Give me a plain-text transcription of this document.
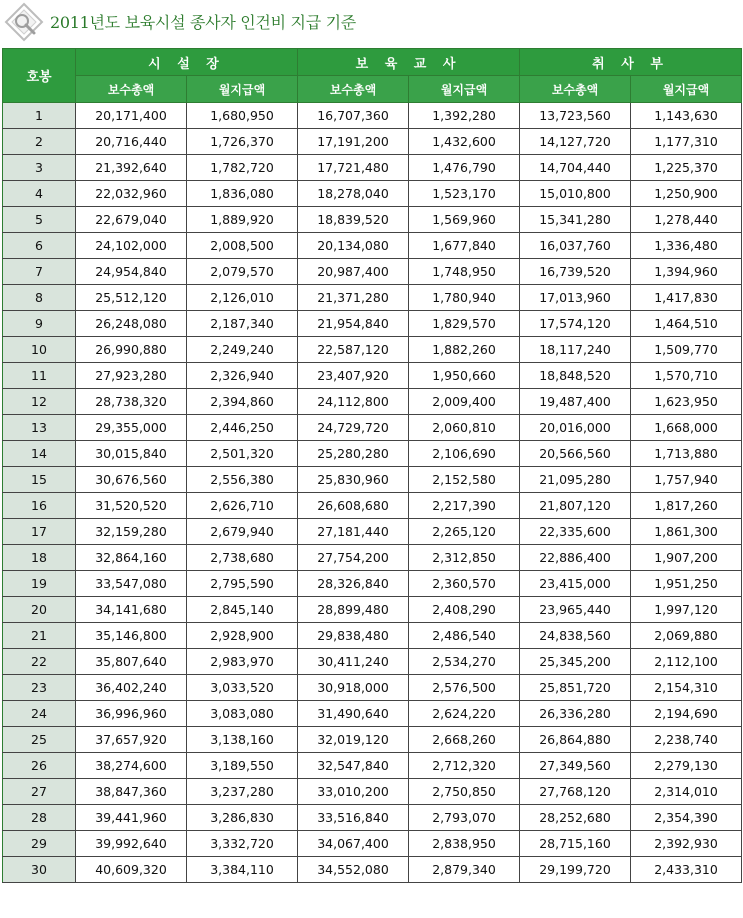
2011년도 보육시설 종사자 인건비 지급 기준
호봉	시 설 장		보 육 교 사		취 사 부	
	보수총액	월지급액	보수총액	월지급액	보수총액	월지급액
1	20,171,400	1,680,950	16,707,360	1,392,280	13,723,560	1,143,630
2	20,716,440	1,726,370	17,191,200	1,432,600	14,127,720	1,177,310
3	21,392,640	1,782,720	17,721,480	1,476,790	14,704,440	1,225,370
4	22,032,960	1,836,080	18,278,040	1,523,170	15,010,800	1,250,900
5	22,679,040	1,889,920	18,839,520	1,569,960	15,341,280	1,278,440
6	24,102,000	2,008,500	20,134,080	1,677,840	16,037,760	1,336,480
7	24,954,840	2,079,570	20,987,400	1,748,950	16,739,520	1,394,960
8	25,512,120	2,126,010	21,371,280	1,780,940	17,013,960	1,417,830
9	26,248,080	2,187,340	21,954,840	1,829,570	17,574,120	1,464,510
10	26,990,880	2,249,240	22,587,120	1,882,260	18,117,240	1,509,770
11	27,923,280	2,326,940	23,407,920	1,950,660	18,848,520	1,570,710
12	28,738,320	2,394,860	24,112,800	2,009,400	19,487,400	1,623,950
13	29,355,000	2,446,250	24,729,720	2,060,810	20,016,000	1,668,000
14	30,015,840	2,501,320	25,280,280	2,106,690	20,566,560	1,713,880
15	30,676,560	2,556,380	25,830,960	2,152,580	21,095,280	1,757,940
16	31,520,520	2,626,710	26,608,680	2,217,390	21,807,120	1,817,260
17	32,159,280	2,679,940	27,181,440	2,265,120	22,335,600	1,861,300
18	32,864,160	2,738,680	27,754,200	2,312,850	22,886,400	1,907,200
19	33,547,080	2,795,590	28,326,840	2,360,570	23,415,000	1,951,250
20	34,141,680	2,845,140	28,899,480	2,408,290	23,965,440	1,997,120
21	35,146,800	2,928,900	29,838,480	2,486,540	24,838,560	2,069,880
22	35,807,640	2,983,970	30,411,240	2,534,270	25,345,200	2,112,100
23	36,402,240	3,033,520	30,918,000	2,576,500	25,851,720	2,154,310
24	36,996,960	3,083,080	31,490,640	2,624,220	26,336,280	2,194,690
25	37,657,920	3,138,160	32,019,120	2,668,260	26,864,880	2,238,740
26	38,274,600	3,189,550	32,547,840	2,712,320	27,349,560	2,279,130
27	38,847,360	3,237,280	33,010,200	2,750,850	27,768,120	2,314,010
28	39,441,960	3,286,830	33,516,840	2,793,070	28,252,680	2,354,390
29	39,992,640	3,332,720	34,067,400	2,838,950	28,715,160	2,392,930
30	40,609,320	3,384,110	34,552,080	2,879,340	29,199,720	2,433,310
